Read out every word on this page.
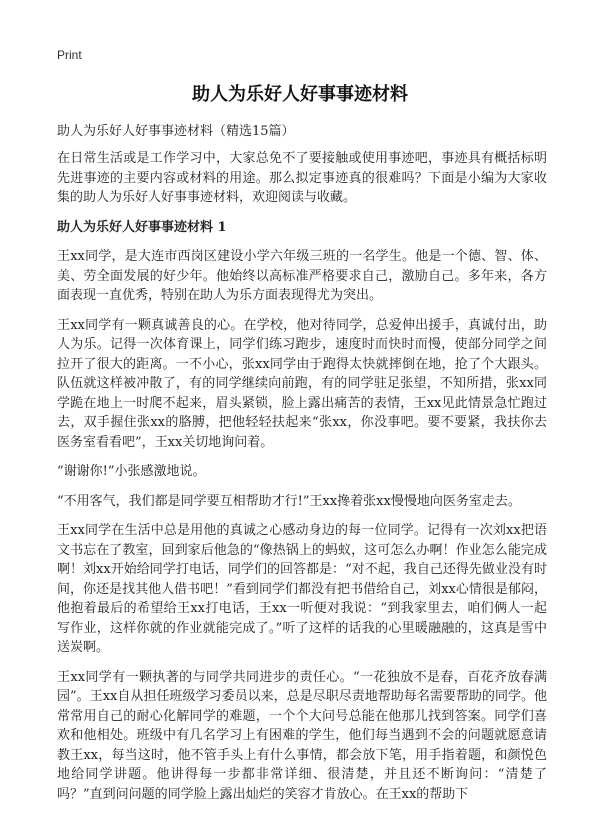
Print
助人为乐好人好事事迹材料

助人为乐好人好事事迹材料（精选15篇）

在日常生活或是工作学习中，大家总免不了要接触或使用事迹吧，事迹具有概括标明先进事迹的主要内容或材料的用途。那么拟定事迹真的很难吗？下面是小编为大家收集的助人为乐好人好事事迹材料，欢迎阅读与收藏。

助人为乐好人好事事迹材料 1

王xx同学，是大连市西岗区建设小学六年级三班的一名学生。他是一个德、智、体、美、劳全面发展的好少年。他始终以高标准严格要求自己，激励自己。多年来，各方面表现一直优秀，特别在助人为乐方面表现得尤为突出。

王xx同学有一颗真诚善良的心。在学校，他对待同学，总爱伸出援手，真诚付出，助人为乐。记得一次体育课上，同学们练习跑步，速度时而快时而慢，使部分同学之间拉开了很大的距离。一不小心，张xx同学由于跑得太快就摔倒在地，抢了个大跟头。队伍就这样被冲散了，有的同学继续向前跑，有的同学驻足张望，不知所措，张xx同学跪在地上一时爬不起来，眉头紧锁，脸上露出痛苦的表情，王xx见此情景急忙跑过去，双手握住张xx的胳膊，把他轻轻扶起来“张xx，你没事吧。要不要紧，我扶你去医务室看看吧”，王xx关切地询问着。

“谢谢你!”小张感激地说。

“不用客气，我们都是同学要互相帮助才行!”王xx搀着张xx慢慢地向医务室走去。

王xx同学在生活中总是用他的真诚之心感动身边的每一位同学。记得有一次刘xx把语文书忘在了教室，回到家后他急的“像热锅上的蚂蚁，这可怎么办啊！作业怎么能完成啊！刘xx开始给同学打电话，同学们的回答都是：“对不起，我自己还得先做业没有时间，你还是找其他人借书吧！”看到同学们都没有把书借给自己，刘xx心情很是郁闷，他抱着最后的希望给王xx打电话，王xx一听便对我说：“到我家里去，咱们俩人一起写作业，这样你就的作业就能完成了。”听了这样的话我的心里暖融融的，这真是雪中送炭啊。

王xx同学有一颗执著的与同学共同进步的责任心。“一花独放不是春，百花齐放春满园”。王xx自从担任班级学习委员以来，总是尽职尽责地帮助每名需要帮助的同学。他常常用自己的耐心化解同学的难题，一个个大问号总能在他那儿找到答案。同学们喜欢和他相处。班级中有几名学习上有困难的学生，他们每当遇到不会的问题就愿意请教王xx，每当这时，他不管手头上有什么事情，都会放下笔，用手指着题，和颜悦色地给同学讲题。他讲得每一步都非常详细、很清楚，并且还不断询问：“清楚了吗？”直到问问题的同学脸上露出灿烂的笑容才肯放心。在王xx的帮助下
